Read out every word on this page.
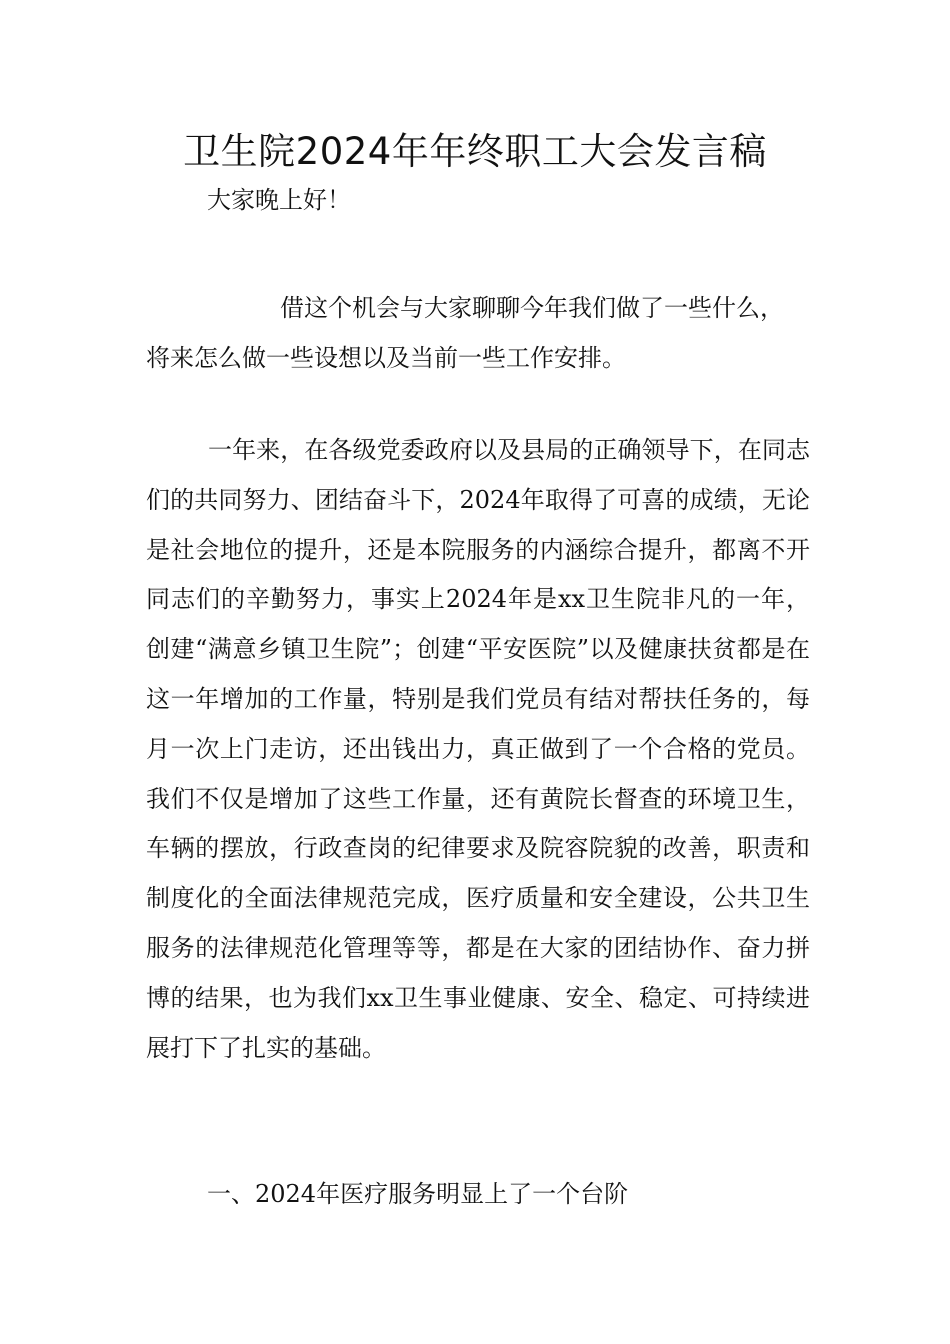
卫生院2024年年终职工大会发言稿

大家晚上好！

借这个机会与大家聊聊今年我们做了一些什么，
将来怎么做一些设想以及当前一些工作安排。

一年来，在各级党委政府以及县局的正确领导下，在同志们的共同努力、团结奋斗下，2024年取得了可喜的成绩，无论是社会地位的提升，还是本院服务的内涵综合提升，都离不开同志们的辛勤努力，事实上2024年是xx卫生院非凡的一年，创建“满意乡镇卫生院”；创建“平安医院”以及健康扶贫都是在这一年增加的工作量，特别是我们党员有结对帮扶任务的，每月一次上门走访，还出钱出力，真正做到了一个合格的党员。我们不仅是增加了这些工作量，还有黄院长督查的环境卫生，车辆的摆放，行政查岗的纪律要求及院容院貌的改善，职责和制度化的全面法律规范完成，医疗质量和安全建设，公共卫生服务的法律规范化管理等等，都是在大家的团结协作、奋力拼博的结果，也为我们xx卫生事业健康、安全、稳定、可持续进展打下了扎实的基础。

一、2024年医疗服务明显上了一个台阶
